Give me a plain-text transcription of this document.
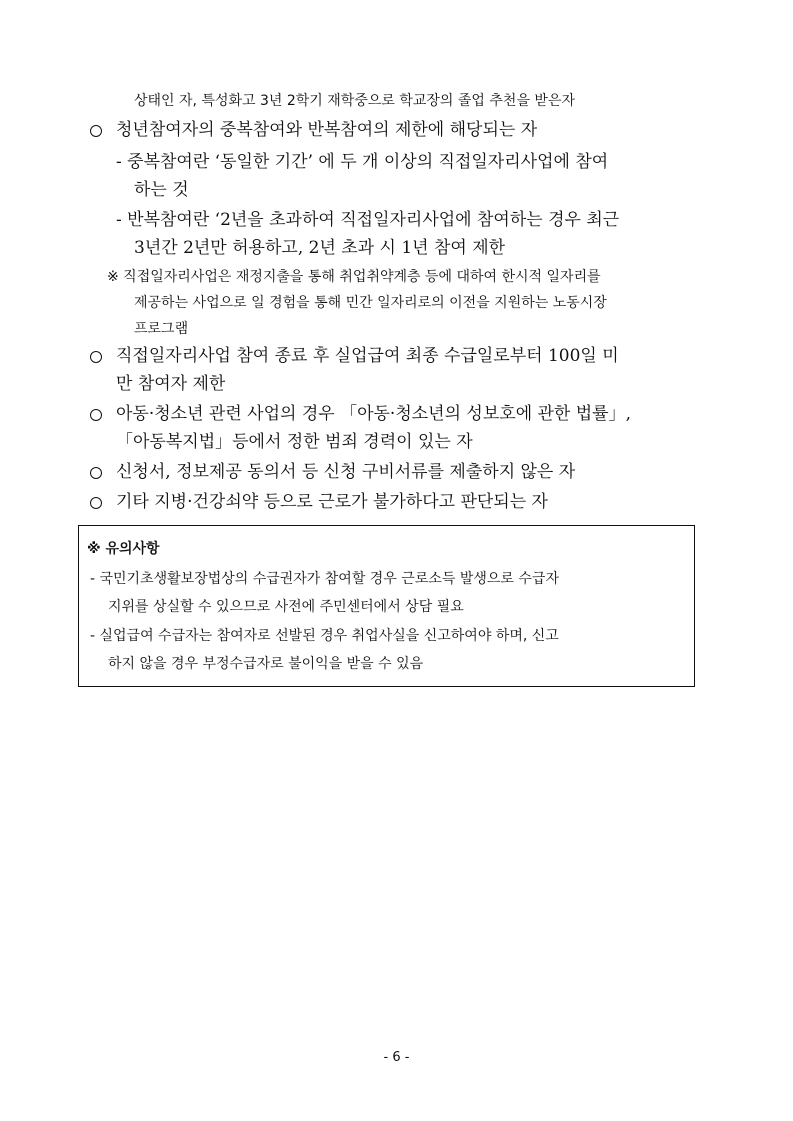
상태인 자, 특성화고 3년 2학기 재학중으로 학교장의 졸업 추천을 받은자
청년참여자의 중복참여와 반복참여의 제한에 해당되는 자
- 중복참여란 ‘동일한 기간’ 에 두 개 이상의 직접일자리사업에 참여
하는 것
- 반복참여란 ‘2년을 초과하여 직접일자리사업에 참여하는 경우 최근
3년간 2년만 허용하고, 2년 초과 시 1년 참여 제한
※ 직접일자리사업은 재정지출을 통해 취업취약계층 등에 대하여 한시적 일자리를
제공하는 사업으로 일 경험을 통해 민간 일자리로의 이전을 지원하는 노동시장
프로그램
직접일자리사업 참여 종료 후 실업급여 최종 수급일로부터 100일 미
만 참여자 제한
아동·청소년 관련 사업의 경우 「아동·청소년의 성보호에 관한 법률」,
「아동복지법」등에서 정한 범죄 경력이 있는 자
신청서, 정보제공 동의서 등 신청 구비서류를 제출하지 않은 자
기타 지병·건강쇠약 등으로 근로가 불가하다고 판단되는 자
※ 유의사항
- 국민기초생활보장법상의 수급권자가 참여할 경우 근로소득 발생으로 수급자
지위를 상실할 수 있으므로 사전에 주민센터에서 상담 필요
- 실업급여 수급자는 참여자로 선발된 경우 취업사실을 신고하여야 하며, 신고
하지 않을 경우 부정수급자로 불이익을 받을 수 있음
- 6 -
